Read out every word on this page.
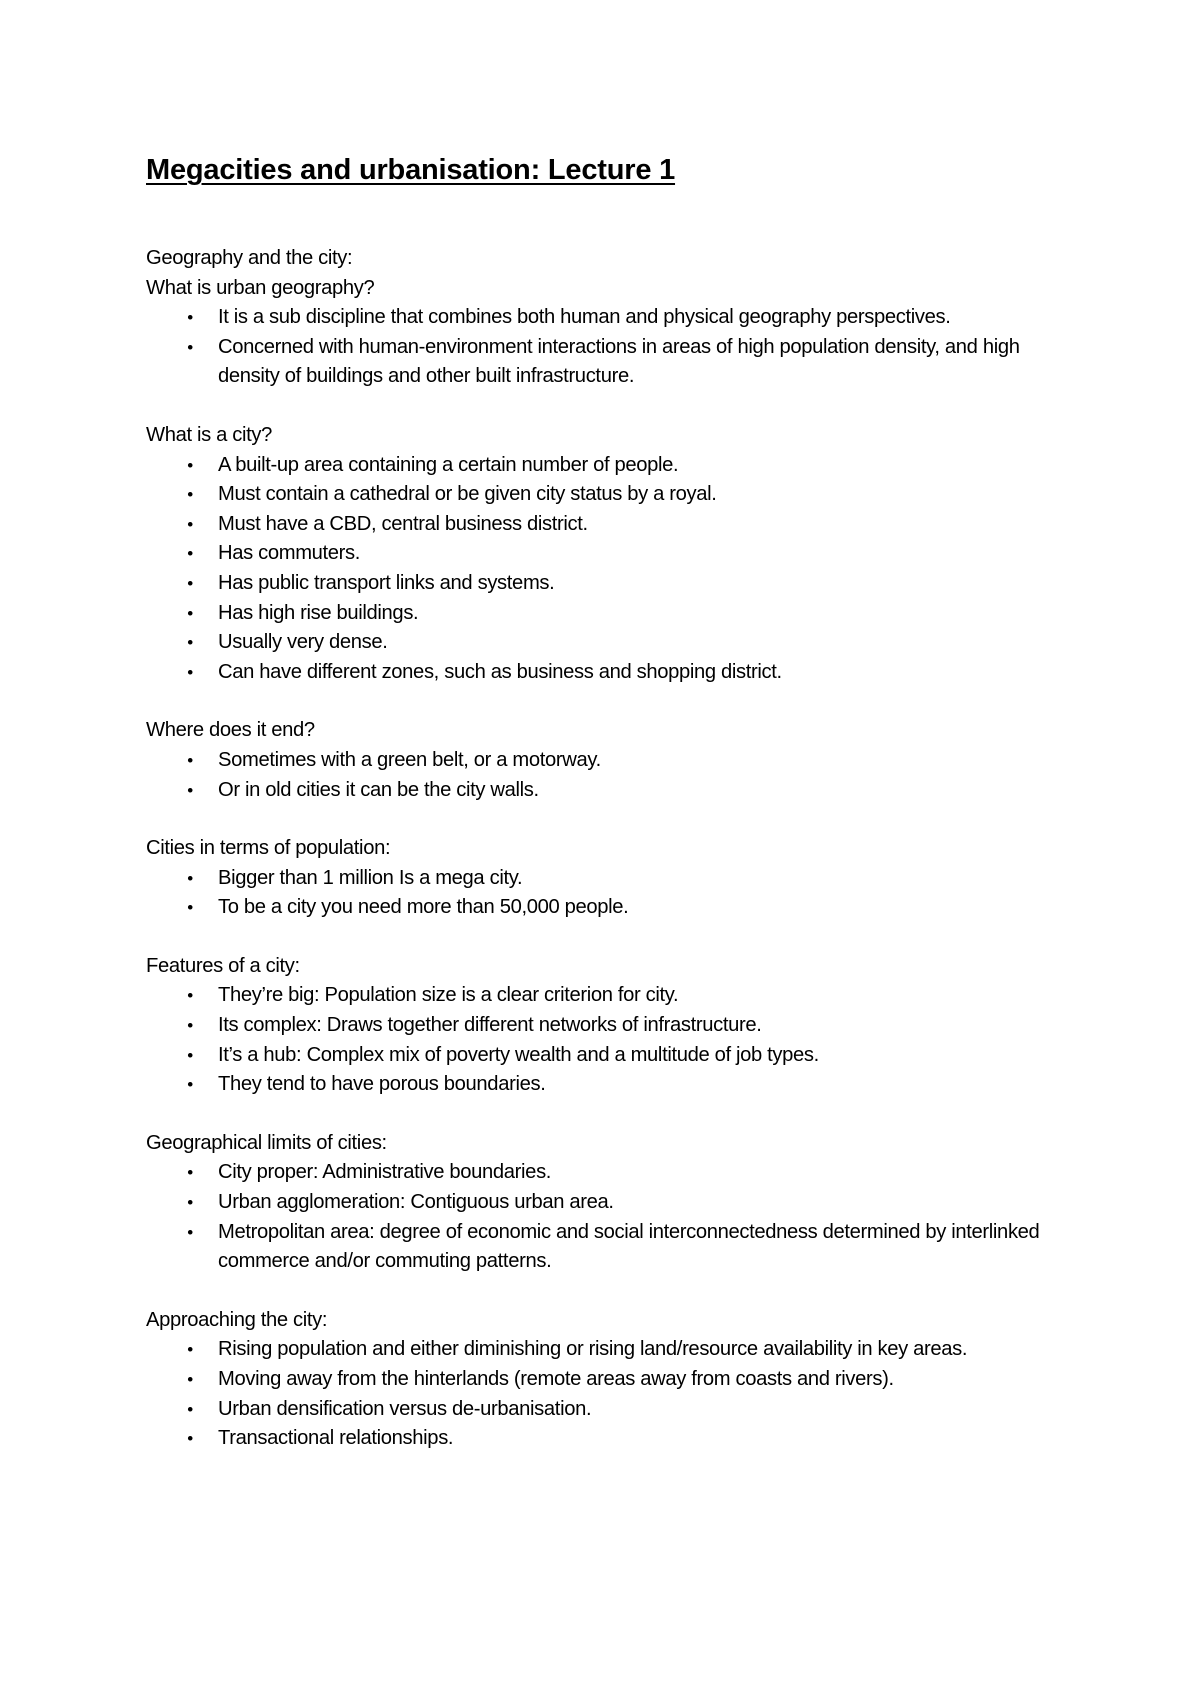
Megacities and urbanisation: Lecture 1

Geography and the city:

What is urban geography?

•	It is a sub discipline that combines both human and physical geography perspectives.
•	Concerned with human-environment interactions in areas of high population density, and high density of buildings and other built infrastructure.

What is a city?

•	A built-up area containing a certain number of people.
•	Must contain a cathedral or be given city status by a royal.
•	Must have a CBD, central business district.
•	Has commuters.
•	Has public transport links and systems.
•	Has high rise buildings.
•	Usually very dense.
•	Can have different zones, such as business and shopping district.

Where does it end?

•	Sometimes with a green belt, or a motorway.
•	Or in old cities it can be the city walls.

Cities in terms of population:

•	Bigger than 1 million Is a mega city.
•	To be a city you need more than 50,000 people.

Features of a city:

•	They’re big: Population size is a clear criterion for city.
•	Its complex: Draws together different networks of infrastructure.
•	It’s a hub: Complex mix of poverty wealth and a multitude of job types.
•	They tend to have porous boundaries.

Geographical limits of cities:

•	City proper: Administrative boundaries.
•	Urban agglomeration: Contiguous urban area.
•	Metropolitan area: degree of economic and social interconnectedness determined by interlinked commerce and/or commuting patterns.

Approaching the city:

•	Rising population and either diminishing or rising land/resource availability in key areas.
•	Moving away from the hinterlands (remote areas away from coasts and rivers).
•	Urban densification versus de-urbanisation.
•	Transactional relationships.
